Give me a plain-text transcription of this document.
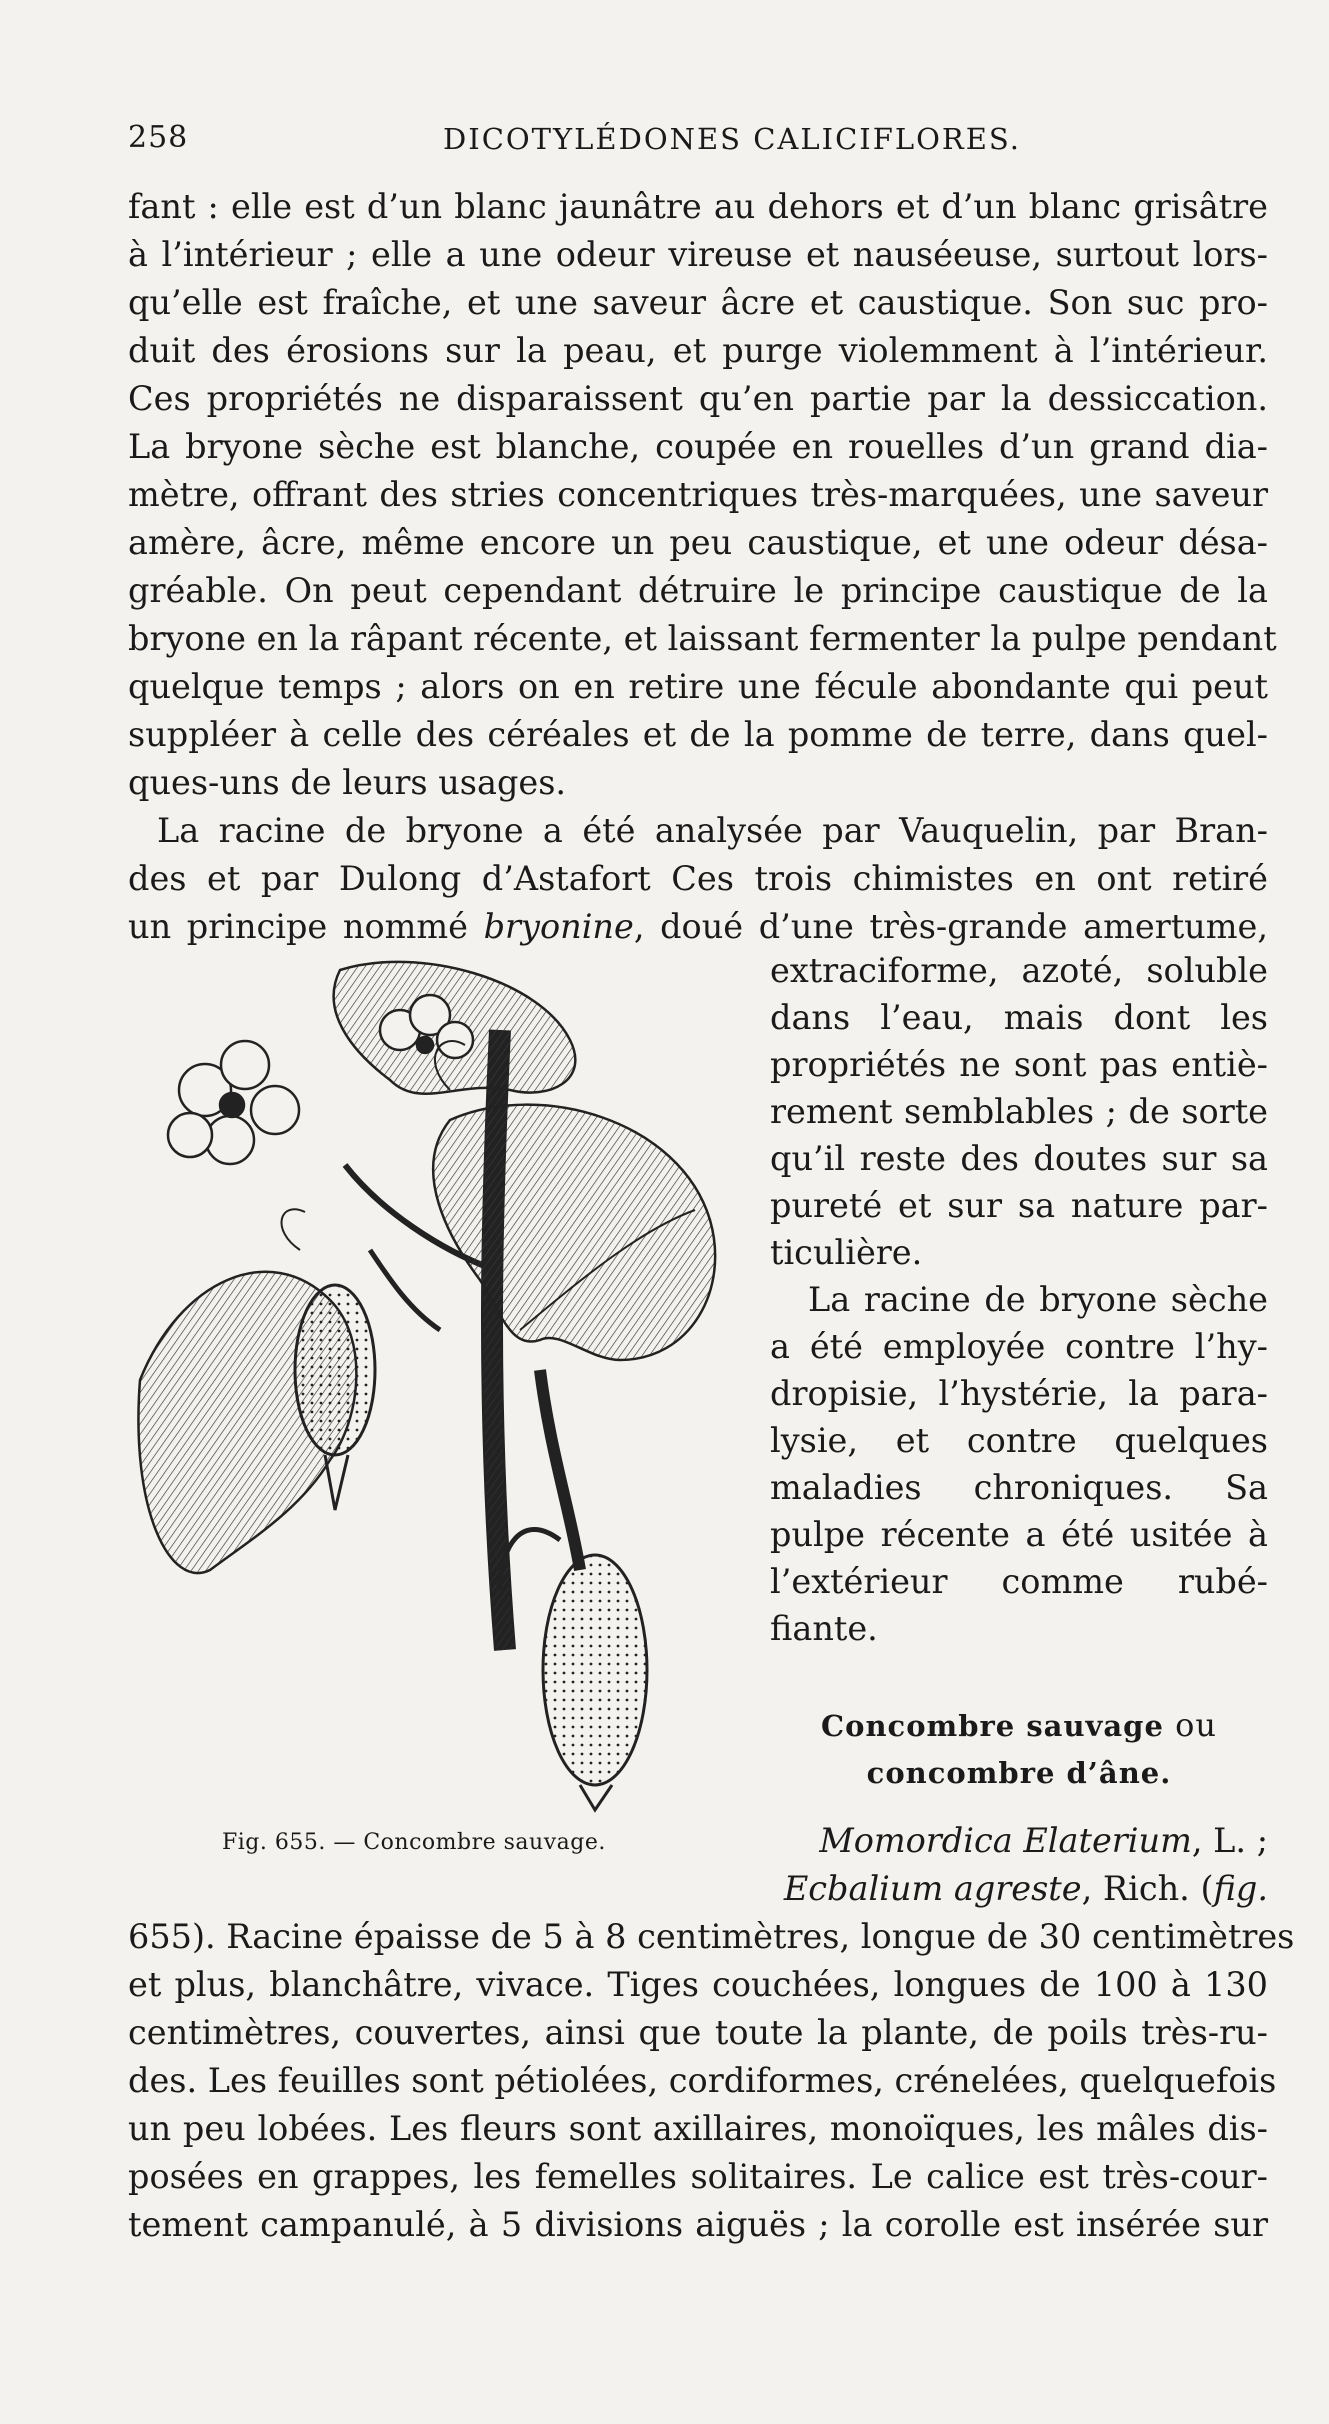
258	DICOTYLÉDONES CALICIFLORES.
fant : elle est d’un blanc jaunâtre au dehors et d’un blanc grisâtre
à l’intérieur ; elle a une odeur vireuse et nauséeuse, surtout lors-
qu’elle est fraîche, et une saveur âcre et caustique. Son suc pro-
duit des érosions sur la peau, et purge violemment à l’intérieur.
Ces propriétés ne disparaissent qu’en partie par la dessiccation.
La bryone sèche est blanche, coupée en rouelles d’un grand dia-
mètre, offrant des stries concentriques très-marquées, une saveur
amère, âcre, même encore un peu caustique, et une odeur désa-
gréable. On peut cependant détruire le principe caustique de la
bryone en la râpant récente, et laissant fermenter la pulpe pendant
quelque temps ; alors on en retire une fécule abondante qui peut
suppléer à celle des céréales et de la pomme de terre, dans quel-
ques-uns de leurs usages.
La racine de bryone a été analysée par Vauquelin, par Bran-
des et par Dulong d’Astafort Ces trois chimistes en ont retiré
un principe nommé bryonine, doué d’une très-grande amertume,
extraciforme, azoté, soluble
dans l’eau, mais dont les
propriétés ne sont pas entiè-
rement semblables ; de sorte
qu’il reste des doutes sur sa
pureté et sur sa nature par-
ticulière.
La racine de bryone sèche
a été employée contre l’hy-
dropisie, l’hystérie, la para-
lysie, et contre quelques
maladies chroniques. Sa
pulpe récente a été usitée à
l’extérieur comme rubé-
fiante.
Concombre sauvage ou
concombre d’âne.
Momordica Elaterium, L. ;
Ecbalium agreste, Rich. (fig.
655). Racine épaisse de 5 à 8 centimètres, longue de 30 centimètres
et plus, blanchâtre, vivace. Tiges couchées, longues de 100 à 130
centimètres, couvertes, ainsi que toute la plante, de poils très-ru-
des. Les feuilles sont pétiolées, cordiformes, crénelées, quelquefois
un peu lobées. Les fleurs sont axillaires, monoïques, les mâles dis-
posées en grappes, les femelles solitaires. Le calice est très-cour-
tement campanulé, à 5 divisions aiguës ; la corolle est insérée sur
Fig. 655. — Concombre sauvage.
